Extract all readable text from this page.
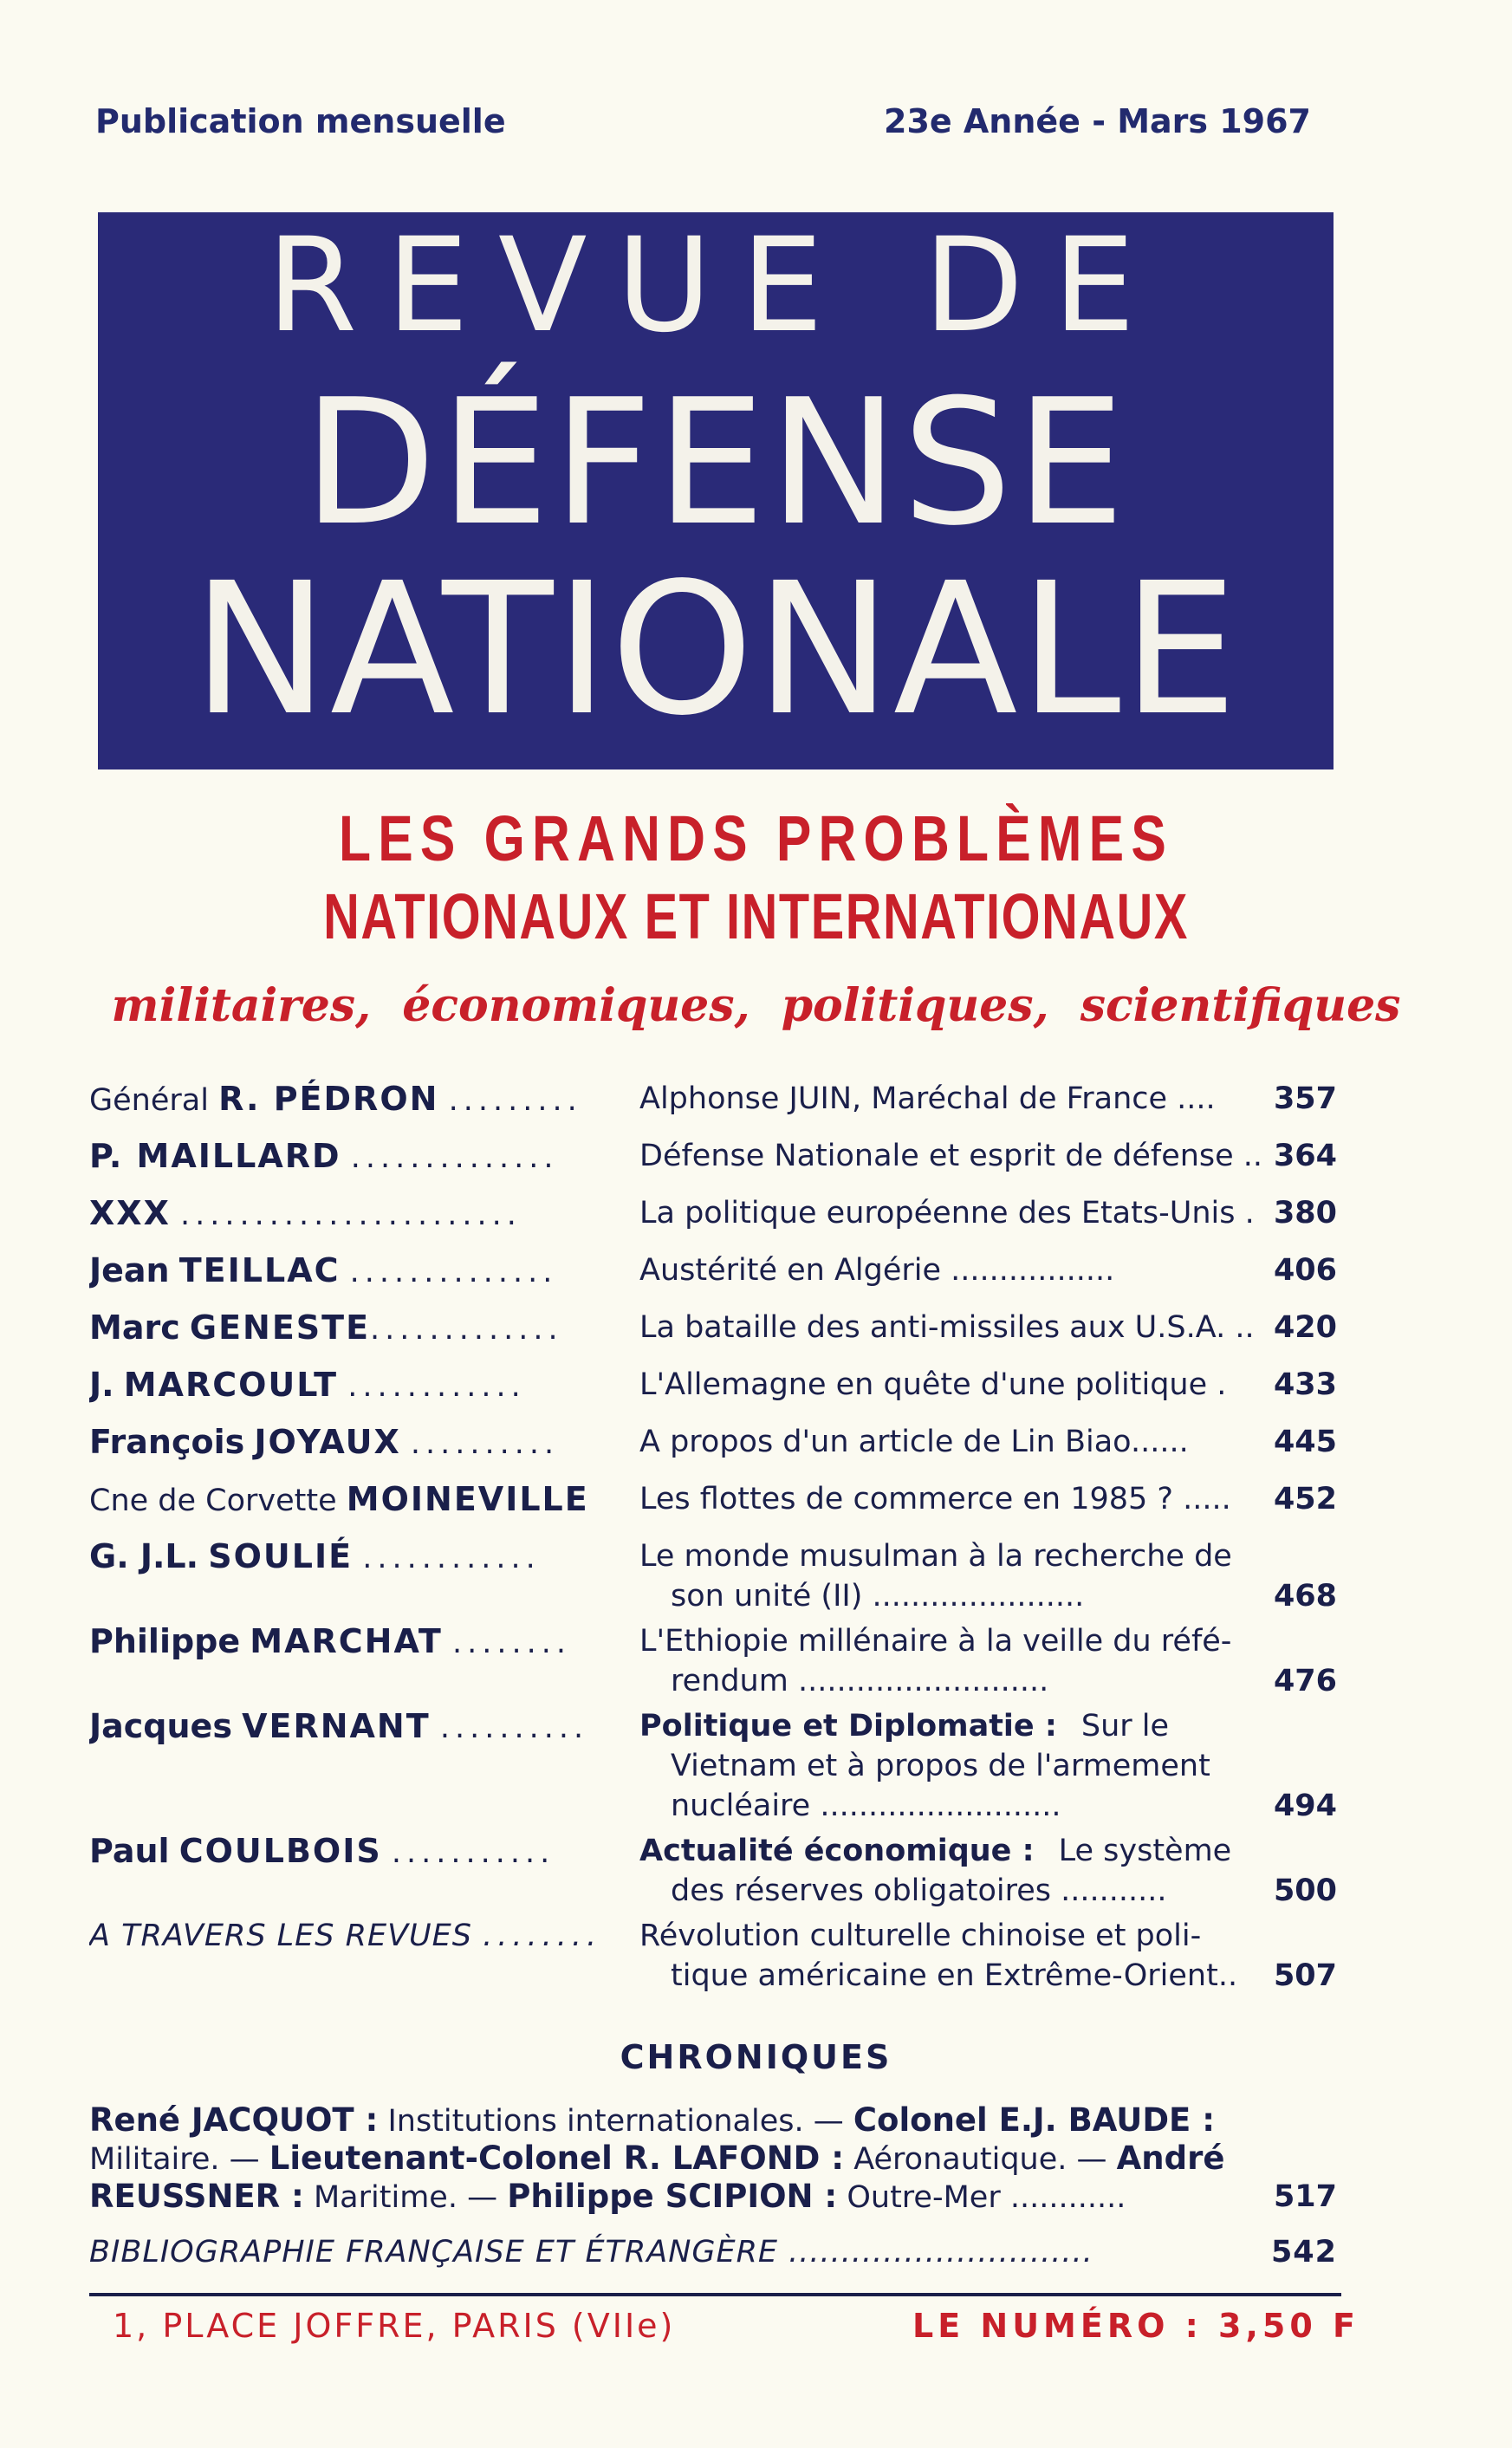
Publication mensuelle	23e Année - Mars 1967
REVUE DE
DÉFENSE
NATIONALE
LES GRANDS PROBLÈMES
NATIONAUX ET INTERNATIONAUX
militaires, économiques, politiques, scientifiques
Général R. PÉDRON .........	Alphonse JUIN, Maréchal de France ....	357
P. MAILLARD ..............	Défense Nationale et esprit de défense .. 364
XXX .......................	La politique européenne des Etats-Unis . 380
Jean TEILLAC ..............	Austérité en Algérie .................	406
Marc GENESTE.............	La bataille des anti-missiles aux U.S.A. .. 420
J. MARCOULT ............	L'Allemagne en quête d'une politique .	433
François JOYAUX ..........	A propos d'un article de Lin Biao......	445
Cne de Corvette MOINEVILLE	Les flottes de commerce en 1985 ? .....	452
G. J.L. SOULIÉ ............	Le monde musulman à la recherche de
son unité (II) ......................	468
Philippe MARCHAT ........	L'Ethiopie millénaire à la veille du réfé-
rendum ..........................	476
Jacques VERNANT ..........	Politique et Diplomatie : Sur le
Vietnam et à propos de l'armement
nucléaire .........................	494
Paul COULBOIS ...........	Actualité économique : Le système
des réserves obligatoires ...........	500
A TRAVERS LES REVUES ........ Révolution culturelle chinoise et poli-
tique américaine en Extrême-Orient..	507
CHRONIQUES
René JACQUOT : Institutions internationales. — Colonel E.J. BAUDE :
Militaire. — Lieutenant-Colonel R. LAFOND : Aéronautique. — André
REUSSNER : Maritime. — Philippe SCIPION : Outre-Mer ............	517
BIBLIOGRAPHIE FRANÇAISE ET ÉTRANGÈRE .............................	542
1, PLACE JOFFRE, PARIS (VIIe)	LE NUMÉRO : 3,50 F
